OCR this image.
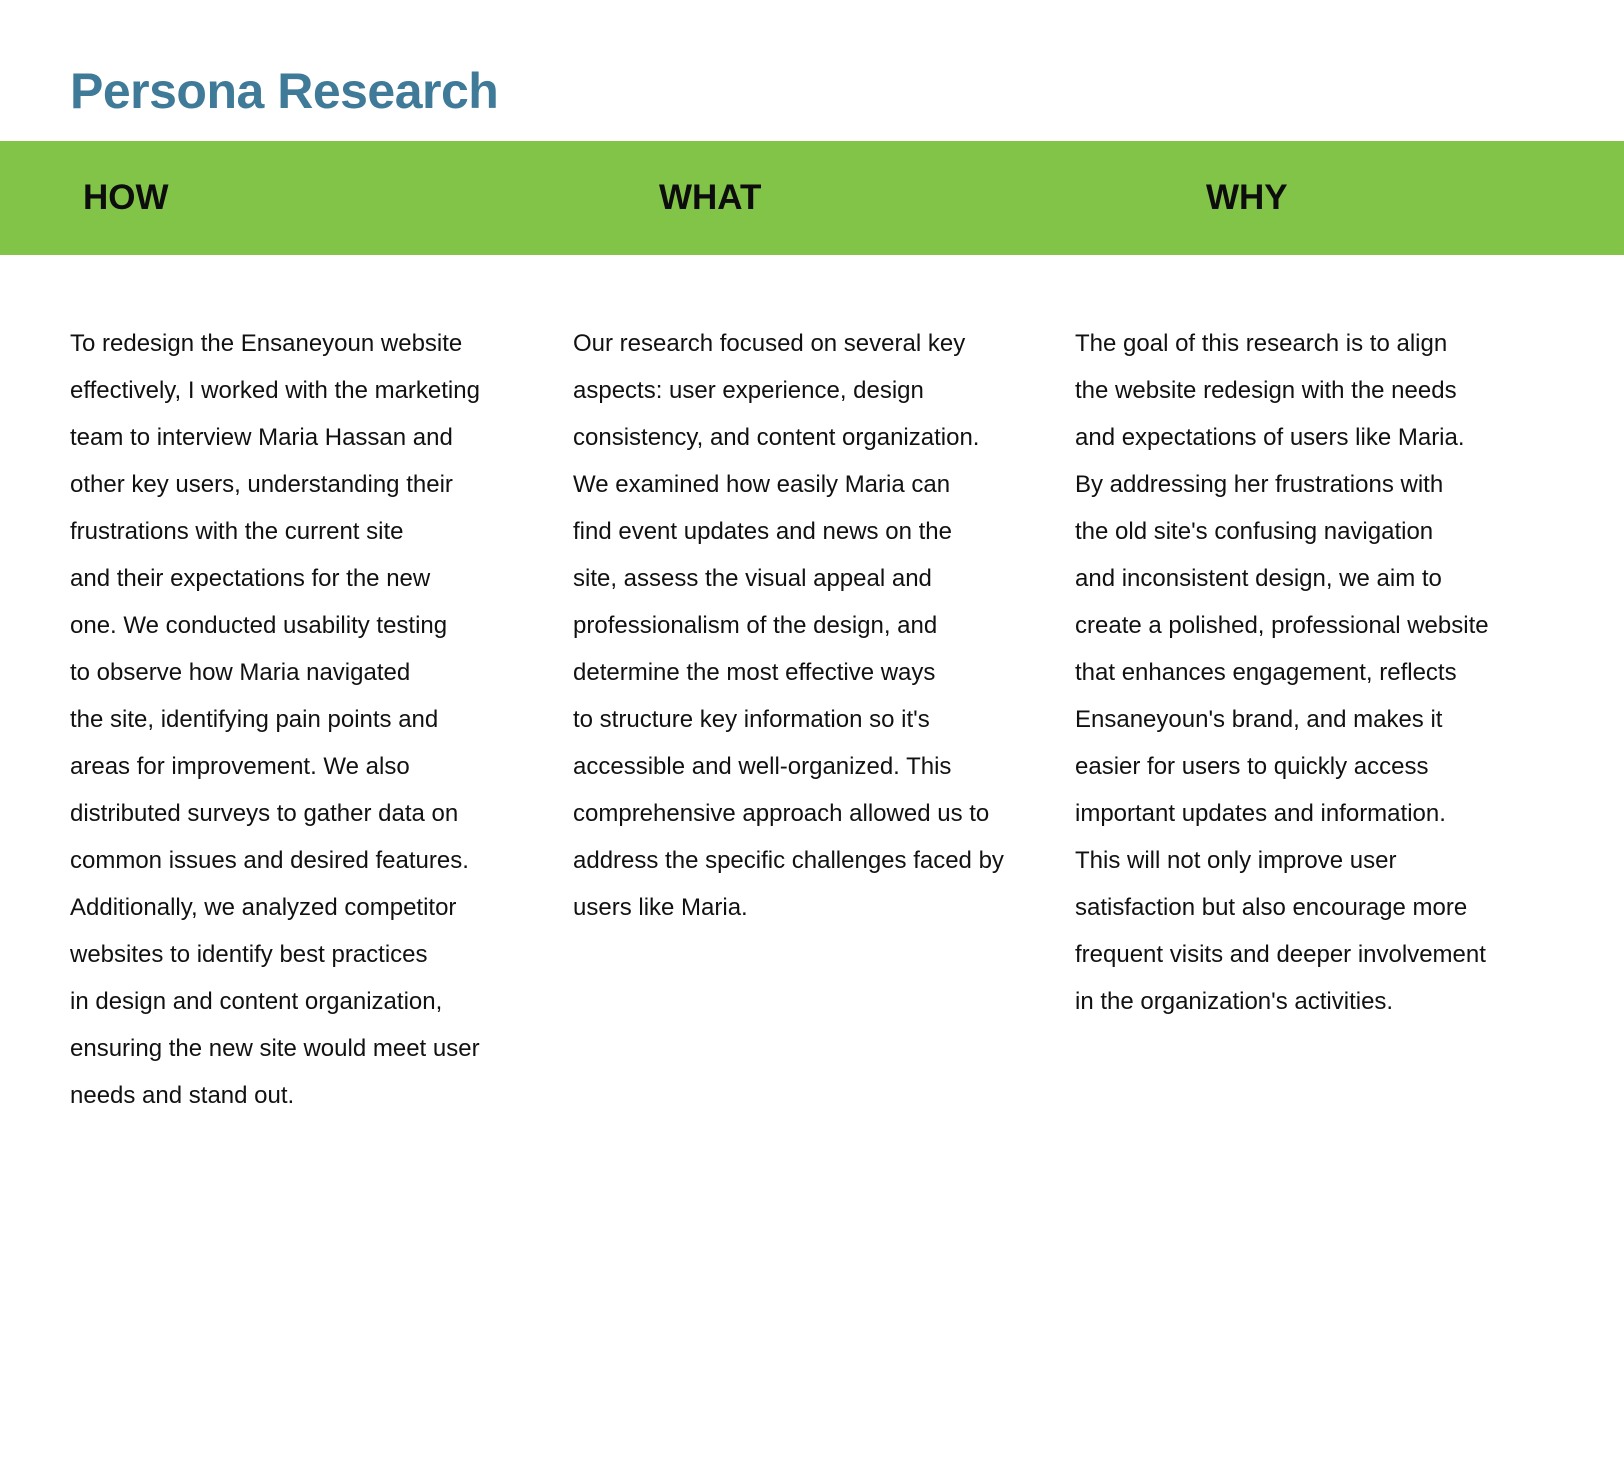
Persona Research
HOW	WHAT	WHY

To redesign the Ensaneyoun website
effectively, I worked with the marketing
team to interview Maria Hassan and
other key users, understanding their
frustrations with the current site
and their expectations for the new
one. We conducted usability testing
to observe how Maria navigated
the site, identifying pain points and
areas for improvement. We also
distributed surveys to gather data on
common issues and desired features.
Additionally, we analyzed competitor
websites to identify best practices
in design and content organization,
ensuring the new site would meet user
needs and stand out.

Our research focused on several key
aspects: user experience, design
consistency, and content organization.
We examined how easily Maria can
find event updates and news on the
site, assess the visual appeal and
professionalism of the design, and
determine the most effective ways
to structure key information so it's
accessible and well-organized. This
comprehensive approach allowed us to
address the specific challenges faced by
users like Maria.

The goal of this research is to align
the website redesign with the needs
and expectations of users like Maria.
By addressing her frustrations with
the old site's confusing navigation
and inconsistent design, we aim to
create a polished, professional website
that enhances engagement, reflects
Ensaneyoun's brand, and makes it
easier for users to quickly access
important updates and information.
This will not only improve user
satisfaction but also encourage more
frequent visits and deeper involvement
in the organization's activities.
